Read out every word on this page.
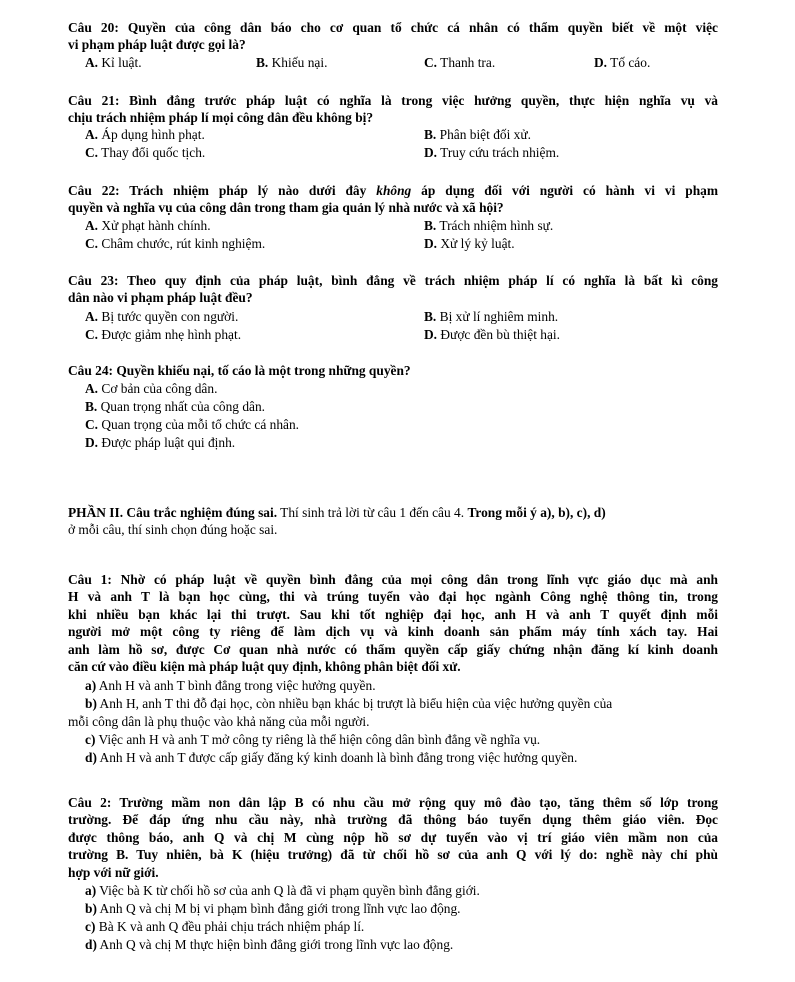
Câu 20: Quyền của công dân báo cho cơ quan tổ chức cá nhân có thẩm quyền biết về một việc
vi phạm pháp luật được gọi là?
A. Kỉ luật.	B. Khiếu nại.	C. Thanh tra.	D. Tố cáo.
Câu 21: Bình đẳng trước pháp luật có nghĩa là trong việc hưởng quyền, thực hiện nghĩa vụ và
chịu trách nhiệm pháp lí mọi công dân đều không bị?
A. Áp dụng hình phạt.	B. Phân biệt đối xử.
C. Thay đổi quốc tịch.	D. Truy cứu trách nhiệm.
Câu 22: Trách nhiệm pháp lý nào dưới đây không áp dụng đối với người có hành vi vi phạm
quyền và nghĩa vụ của công dân trong tham gia quản lý nhà nước và xã hội?
A. Xử phạt hành chính.	B. Trách nhiệm hình sự.
C. Châm chước, rút kinh nghiệm.	D. Xử lý kỷ luật.
Câu 23: Theo quy định của pháp luật, bình đẳng về trách nhiệm pháp lí có nghĩa là bất kì công
dân nào vi phạm pháp luật đều?
A. Bị tước quyền con người.	B. Bị xử lí nghiêm minh.
C. Được giảm nhẹ hình phạt.	D. Được đền bù thiệt hại.
Câu 24: Quyền khiếu nại, tố cáo là một trong những quyền?
A. Cơ bản của công dân.
B. Quan trọng nhất của công dân.
C. Quan trọng của mỗi tổ chức cá nhân.
D. Được pháp luật qui định.
PHẦN II. Câu trắc nghiệm đúng sai. Thí sinh trả lời từ câu 1 đến câu 4. Trong mỗi ý a), b), c), d)
ở mỗi câu, thí sinh chọn đúng hoặc sai.
Câu 1: Nhờ có pháp luật về quyền bình đẳng của mọi công dân trong lĩnh vực giáo dục mà anh
H và anh T là bạn học cùng, thi và trúng tuyển vào đại học ngành Công nghệ thông tin, trong
khi nhiều bạn khác lại thi trượt. Sau khi tốt nghiệp đại học, anh H và anh T quyết định mỗi
người mở một công ty riêng để làm dịch vụ và kinh doanh sản phẩm máy tính xách tay. Hai
anh làm hồ sơ, được Cơ quan nhà nước có thẩm quyền cấp giấy chứng nhận đăng kí kinh doanh
căn cứ vào điều kiện mà pháp luật quy định, không phân biệt đối xử.
a) Anh H và anh T bình đẳng trong việc hưởng quyền.
b) Anh H, anh T thi đỗ đại học, còn nhiều bạn khác bị trượt là biểu hiện của việc hưởng quyền của
mỗi công dân là phụ thuộc vào khả năng của mỗi người.
c) Việc anh H và anh T mở công ty riêng là thể hiện công dân bình đẳng về nghĩa vụ.
d) Anh H và anh T được cấp giấy đăng ký kinh doanh là bình đẳng trong việc hưởng quyền.
Câu 2: Trường mầm non dân lập B có nhu cầu mở rộng quy mô đào tạo, tăng thêm số lớp trong
trường. Để đáp ứng nhu cầu này, nhà trường đã thông báo tuyển dụng thêm giáo viên. Đọc
được thông báo, anh Q và chị M cùng nộp hồ sơ dự tuyển vào vị trí giáo viên mầm non của
trường B. Tuy nhiên, bà K (hiệu trưởng) đã từ chối hồ sơ của anh Q với lý do: nghề này chỉ phù
hợp với nữ giới.
a) Việc bà K từ chối hồ sơ của anh Q là đã vi phạm quyền bình đẳng giới.
b) Anh Q và chị M bị vi phạm bình đẳng giới trong lĩnh vực lao động.
c) Bà K và anh Q đều phải chịu trách nhiệm pháp lí.
d) Anh Q và chị M thực hiện bình đẳng giới trong lĩnh vực lao động.
